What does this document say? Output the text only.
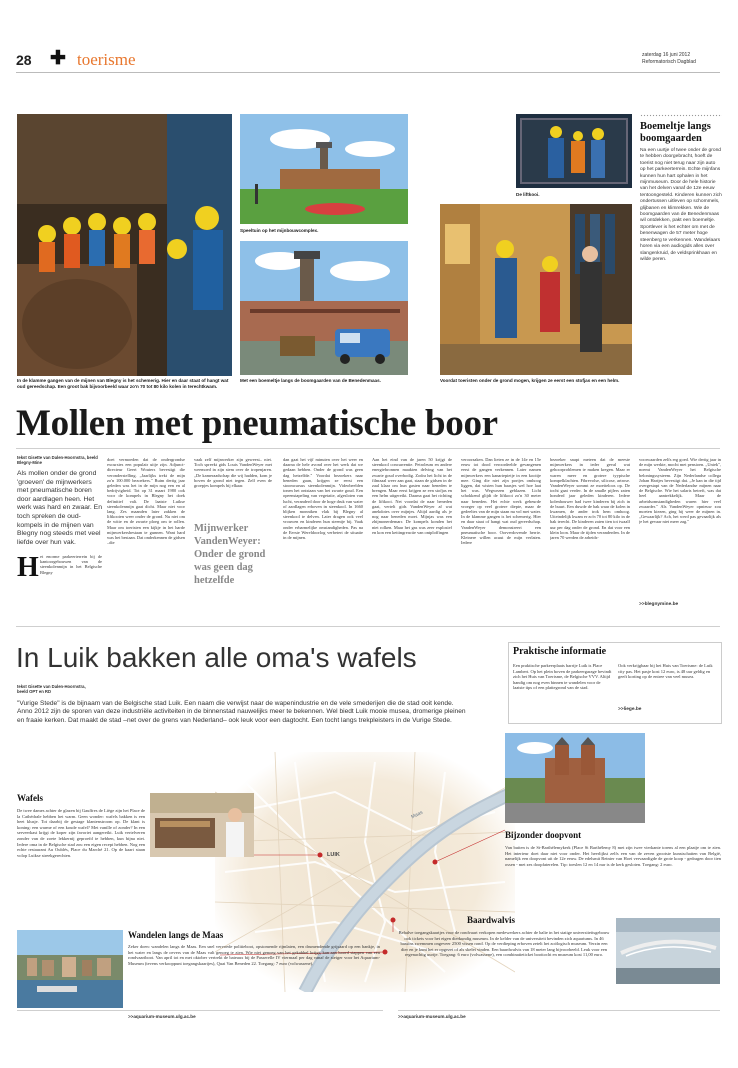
28 ✚ toerisme	zaterdag 16 juni 2012
Reformatorisch Dagblad
In de klamme gangen van de mijnen van Blegny is het schemerig. Hier en daar staat of hangt wat oud gereedschap. Een groot bak bijvoorbeeld waar zo'n 70 tot 80 kilo kolen in terechtkwam.
Speeltuin op het mijnbouwcomplex.
Met een boemeltje langs de boomgaarden van de Benedenmaas.
De liftkooi.
Voordat toeristen onder de grond mogen, krijgen ze eerst een stofjas en een helm.
Boemeltje langs boomgaarden
Na een uurtje of twee onder de grond te hebben doorgebracht, hoeft de toerist nog niet terug naar zijn auto op het parkeerterrein. Echte mijnfans kunnen hun hart ophalen in het mijnmuseum. Door de hele historie van het delven vanaf de 12e eeuw tentoongesteld. Kinderen kunnen zich ondertussen uitleven op schommels, glijbanen en klimrekken. Wie de boomgaarden van de Benedenmaas wil ontdekken, pakt een boemeltje. Sportlever is het echter om met de benenwagen de 57 meter hoge steenberg te verkennen. Wandelaars horen via een audiogids alles over slangenkruid, de veldsprinkhaan en wilde peren.
Mollen met pneumatische boor
tekst Gisette van Dalen-Hoornstra, beeld Blegny-Mine
Als mollen onder de grond 'groeven' de mijnwerkers met pneumatische boren door aardlagen heen. Het werk was hard en zwaar. En toch spreken de oud-kompels in de mijnen van Blegny nog steeds met veel liefde over hun vak.
H et enorme parkeerterrein bij de kantoorgebouwen van de steenkolenmijn in het Belgische Blegny
doet vermoeden dat de ondergrondse excursies een populair uitje zijn. Adjunct-directeur Geert Wouters bevestigt die veronderstelling. „Jaarlijks trekt de mijn zo'n 100.000 bezoekers." Ruim dertig jaar geleden was het in de mijn nog een en al bedrijvigheid. Tot op 31 maart 1980 ook voor de kompels in Blegny het doek definitief valt. De laatste Luikse steenkolenmijn gaat dicht. Maar niet voor lang. Zes maanden later zakken de liftkooien weer onder de grond. Nu niet om de witte en de zwarte ploeg om te rollen. Maar om toeristen een kijkje in het harde mijnwerkersbestaan te gunnen. Want hard was het bestaan. Dat onderkennen de gidsen –die
vaak zelf mijnwerker zijn geweest– niet. Toch spreekt gids Louis VandenWeyer met weemoed in zijn stem over de tropenjaren. „De kameraadschap die wij hadden, kom je boven de grond niet tegen. Zelf even de groepjes kompels bij elkaar.
Mijnwerker VandenWeyer: Onder de grond was geen dag hetzelfde
dan gaat het vijf minuten over het weer en daarna de hele avond over het werk dat we gedaan hebben. Onder de grond was geen dag hetzelfde." Voordat bezoekers naar beneden gaan, krijgen ze eerst een stoomcursus steenkolenmijn. Videobeelden tonen het ontstaan van het zwarte goud. Een opeenstapeling van vegetatie, afgesloten van lucht, veranderd door de hoge druk van water of aardlagen erboven in steenkool. In 1660 blijken monniken vlak bij Blegny al steenkool te delven. Later dragen ook veel vrouwen en kinderen hun steentje bij. Vaak onder erbarmelijke omstandigheden. Pas na de Eerste Wereldoorlog verbetert de situatie in de mijnen.
Aan het eind van de jaren 50 krijgt de steenkool concurrentie. Petroleum en andere energiebronnen maakten delving van het zwarte goud overbodig. Zodra het licht in de filmzaal weer aan gaat, staan de gidsen in de zaal klaar om hun gasten naar beneden te brengen. Maar eerst krijgen ze een stofjas en een helm uitgereikt. Daarna gaat het richting de liftkooi. Net voordat de naar beneden gaat, vertelt gids VandenWeyer af wat anekdotes over mijnjes. Altijd aardig als je nog naar beneden moet. Mijnjas was een zhijmonerdemarr. De kompels konden het niet rolken. Maar het gas was zeer explosief en kon een kettingreactie van ontploffingen
veroorzaken. Dan lieten ze in de 14e en 15e eeuw tot dood veroordeelde gevangenen eerst de gangen verkennen. Later namen mijnwerkers een kanariepietje in een kooitje mee. Ging die niet zijn portjes omhoog liggen, dat wisten hun baasjes wel hoe laat het was. Wegwezen geblazen. Licht schokkend glijdt de liftkooi zo'n 30 meter naar beneden. Het echte werk gebeurde vroeger op veel grotere diepte, maar de gedeeltes van de mijn staan nu vol met water. In de klamme gangen is het schemerig. Hier en daar staat of hangt wat oud gereedschap. VandenWeyer demonstreert een pneumatische boor. Oorverdovende herrie. Kleinere willen acuut de mijn verlaten. Iedere
bezoeker snapt meteen dat de meeste mijnwerkers in ieder geval wat gehoorproblemen te maken kregen. Maar er waren meer en grotere tyypische kompelklachten. Fibrevolse, silicose, artrose. VandenWeyer sommt ze moeiteloos op. De tocht gaat verder. In de smalle pijlers zaten honderd jaar geleden kinderen. Iedere kolenhouwer had twee kinderen bij zich in de buurt. Een duwde de bak waar de kolen in kwamen, de ander trok hem omhoog. Uiteindelijk kwam er zo'n 70 tot 80 kilo in de bak terecht. De kinderen zaten tien tot twaalf uur per dag onder de grond. En dat voor een klein loon. Maar de tijden veranderden. In de jaren 70 werden de arbeids-
voorwaarden zelfs erg goed. Wie dertig jaar in de mijn werkte, mocht met pensioen. „Uniek", noemt VandenWeyer het Belgische beloningssysteem. Zijn Nederlandse collega Johan Hartjes bevestigt dat. „Je kan in die tijd overgestapt van de Nederlandse mijnen naar de Belgische. Wie het salaris betreft, was dat heel aantrekkelijk. Maar de arbeidsomstandigheden waren hier veel zwaarder." Als VandenWeyer opnieuw zou moeten kiezen, ging hij weer de mijnen in. „Gewaarlijk? Ach, het werd pas gevaarlijk als je het gevaar niet meer zag."
>>blegnymine.be
In Luik bakken alle oma's wafels
tekst Gisette van Dalen-Hoornstra, beeld OPT en RD
"Vurige Stede" is de bijnaam van de Belgische stad Luik. Een naam die verwijst naar de wapenindustrie en de vele smederijen die de stad ooit kende. Anno 2012 zijn de sporen van deze industriële activiteiten in de binnenstad nauwelijks meer te bekennen. Wel biedt Luik mooie musea, dromerige pleinen en fraaie kerken. Dat maakt de stad –net over de grens van Nederland– ook leuk voor een dagtocht. Een tocht langs trekpleisters in de Vurige Stede.
Praktische informatie
Een praktische parkeerplaats barrije Luik is Place Lambert. Op het plein boven de parkeergarage bevindt zich het Huis van Toerisme, de Belgische VVV. Altijd handig om nog even binnen te wandelen voor de laatste tips of een plattegrond van de stad.
Ook verkrijgbaar bij het Huis van Toerisme: de Luik city pas. Het pasje kost 12 euro, is 48 uur geldig en geeft korting op de entree van veel musea.
>>liege.be
LUIK
Maas
Wafels
De twee dames achter de glazen bij Gauffres de Liège zijn het Place de la Cathédrale hebben het warm. Geen wonder: wafels bakken is een heet klusje. Tot daarbij de gestage klantenstroom op. De klant is koning: een warme of een koude wafel? Met vanille of zonder? In een serveerkast krijgt de koper zijn favoriet aangereikt. Luik vertelveren zonder van de zoete lekkernij geproefd te hebben, kun bijna niet. Iedere oma in de Belgische stad zou een eigen recept hebben. Nog een echte restaurant Au Oublés, Place du Marché 21. Op de kaart staan volop Luikse streekgerechten.
Wandelen langs de Maas
Zeker doen: wandelen langs de Maas. Een snel vervoede politieboot, opstomende rijmlaten, een drumendende grijsaard op een bankje, in het water en langs de oevers van de Maas valt genoeg te zien. Wie niet genoeg van het gekabbel krijgt, kan aan boord stappen van een rondvaartboot. Van april tot en met oktober vertrekt de bateaux bij de Passerelle IV viermaal per dag vanaf de steiger voor het Aquarium-Museum (tevens verkooppunt toegangskaartjes), Quai Van Beneden 22. Toegang: 7 euro (volwassene).
>>aquarium-museum.ulg.ac.be
Bijzonder doopvont
Van buiten is de St-Barthélemykerk (Place St Barthélemy 8) met zijn twee vierkante torens al een plaatje om te zien. Het interieur doet daar niet voor onder. Het heerlijkst zelfs een van de zeven grootste kunstschatten van België, namelijk een doopvont uit de 12e eeuw. De edelsmit Reinier van Hoei vervaardigde de grote koop - gedragen door tien ossen - met zes doopfaterelen. Tip: toeslen 12 en 14 nur is de kerk gesloten. Toegang: 2 euro.
Baardwalvis
Behalve toegangskaartjes voor de rondvaart verkopen medewerkers achter de balie in het statige universiteitsgebouw ook tickets voor het eigen dierkundig museum. In de kelder van de universiteit bevinden zich aquariums. In 46 bassins zwemmen ongeveer 2500 vissen rond. Op de verdieping erboven zetelt het zoölogisch museum. Verzin een dier en je kunt het er opgezet of als skelet vinden. Een baardwalvis van 18 meter lang bijvoorbeeld. Leuk voor een regenachtig uurtje. Toegang: 6 euro (volwassene), een combinatieticket boottocht en museum kost 11,00 euro.
>>aquarium-museum.ulg.ac.be
